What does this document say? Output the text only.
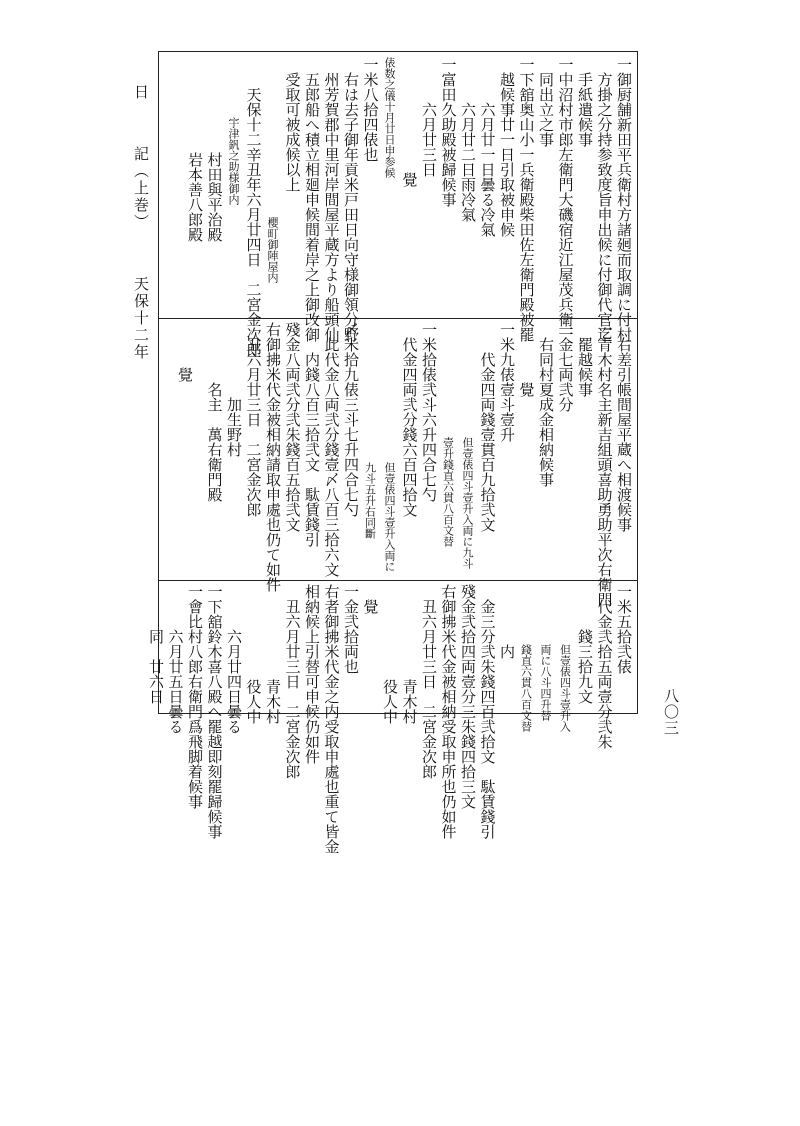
日 記（上巻） 天保十二年	一御厨舗新田平兵衛村方諸𢌞而取調に付村
方掛之分持参致度旨申出候に付御代官迄
手紙遣候事
一中沼村市郎左衛門大磯宿近江屋茂兵衛一
同出立之事
一下舘奥山小一兵衛殿柴田佐左衛門殿被罷
越候事廿一日引取被申候
六月廿一日曇る冷氣
六月廿二日雨冷氣
一富田久助殿被歸候事
六月廿三日
覺
俵数之儀十月廿日申参候
一米八拾四俵也
右は去子御年貢米戸田日向守様御領分野
州芳賀郡中里河岸間屋平蔵方より船頭仙
五郎船へ積立相廻申候間着岸之上御改御
受取可被成候以上
櫻町御陣屋内
天保十二辛丑年六月廿四日　二宮金次郎
宇津釩之助様御内
村田與平治殿
岩本善八郎殿
右差引帳間屋平蔵へ相渡候事
一青木村名主新吉組頭喜助勇助平次右衛門
罷越候事
一金七両弐分
右同村夏成金相納候事
覺
一米九俵壹斗壹升
代金四両錢壹貫百九拾弐文
但壹俵四斗壹升入両に九斗
壹升錢直六貫八百文替
一米拾俵弐斗六升四合七勺
代金四両弐分錢六百四拾文
但壹俵四斗壹升入両に
九斗五升右同斷
〆米拾九俵三斗七升四合七勺
此代金八両弐分錢壹〆八百三拾六文
内錢八百三拾弐文　駄賃錢引
殘金八両弐分弐朱錢百五拾弐文
右御拂米代金被相納請取申處也仍て如件
丑六月廿三日　二宮金次郎
加生野村
名主　萬右衛門殿
覺
一米五拾弐俵
代金弐拾五両壹分弐朱
錢三拾九文
但壹俵四斗壹升入
両に八斗四升替
錢直六貫八百文替
内
金三分弐朱錢四百弐拾文　駄賃錢引
殘金弐拾四両壹分三朱錢四拾三文
右御拂米代金被相納受取申所也仍如件
丑六月廿三日　二宮金次郎
青木村
役人中
覺
一金弐拾両也
右者御拂米代金之内受取申處也重て皆金
相納候上引替可申候仍如件
丑六月廿三日　二宮金次郎
青木村
役人中
六月廿四日曇る
一下舘鈴木喜八殿へ罷越即刻罷歸候事
一會比村八郎右衛門爲飛脚着候事
六月廿五日曇る
同　廿六日
八〇三
